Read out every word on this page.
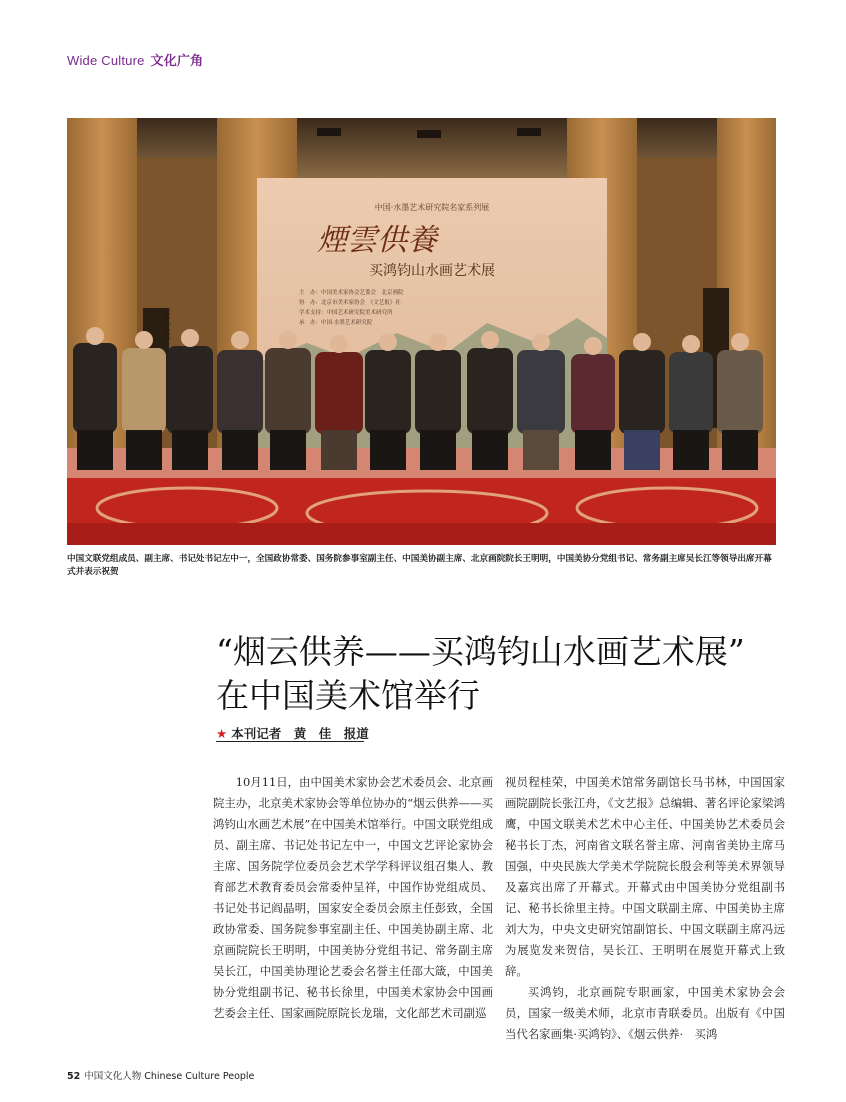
Wide Culture 文化广角
中国·水墨艺术研究院名家系列展
煙雲供養
买鸿钧山水画艺术展
主　办：中国美术家协会艺委会　北京画院
协　办：北京市美术家协会　《文艺报》社
学术支持：中国艺术研究院美术研究所
承　办：中国·水墨艺术研究院
紫气东来
中国文联党组成员、副主席、书记处书记左中一，全国政协常委、国务院参事室副主任、中国美协副主席、北京画院院长王明明，中国美协分党组书记、常务副主席吴长江等领导出席开幕式并表示祝贺
“烟云供养——买鸿钧山水画艺术展”
在中国美术馆举行
★ 本刊记者　黄　佳　报道

10月11日，由中国美术家协会艺术委员会、北京画院主办，北京美术家协会等单位协办的“烟云供养——买鸿钧山水画艺术展”在中国美术馆举行。中国文联党组成员、副主席、书记处书记左中一，中国文艺评论家协会主席、国务院学位委员会艺术学学科评议组召集人、教育部艺术教育委员会常委仲呈祥，中国作协党组成员、书记处书记阎晶明，国家安全委员会原主任彭致，全国政协常委、国务院参事室副主任、中国美协副主席、北京画院院长王明明，中国美协分党组书记、常务副主席吴长江，中国美协理论艺委会名誉主任邵大箴，中国美协分党组副书记、秘书长徐里，中国美术家协会中国画艺委会主任、国家画院原院长龙瑞，文化部艺术司副巡

视员程桂荣，中国美术馆常务副馆长马书林，中国国家画院副院长张江舟，《文艺报》总编辑、著名评论家梁鸿鹰，中国文联美术艺术中心主任、中国美协艺术委员会秘书长丁杰，河南省文联名誉主席、河南省美协主席马国强，中央民族大学美术学院院长殷会利等美术界领导及嘉宾出席了开幕式。开幕式由中国美协分党组副书记、秘书长徐里主持。中国文联副主席、中国美协主席刘大为，中央文史研究馆副馆长、中国文联副主席冯远为展览发来贺信，吴长江、王明明在展览开幕式上致辞。

买鸿钧，北京画院专职画家，中国美术家协会会员，国家一级美术师，北京市青联委员。出版有《中国当代名家画集·买鸿钧》、《烟云供养·　买鸿

52 中国文化人物 Chinese Culture People
